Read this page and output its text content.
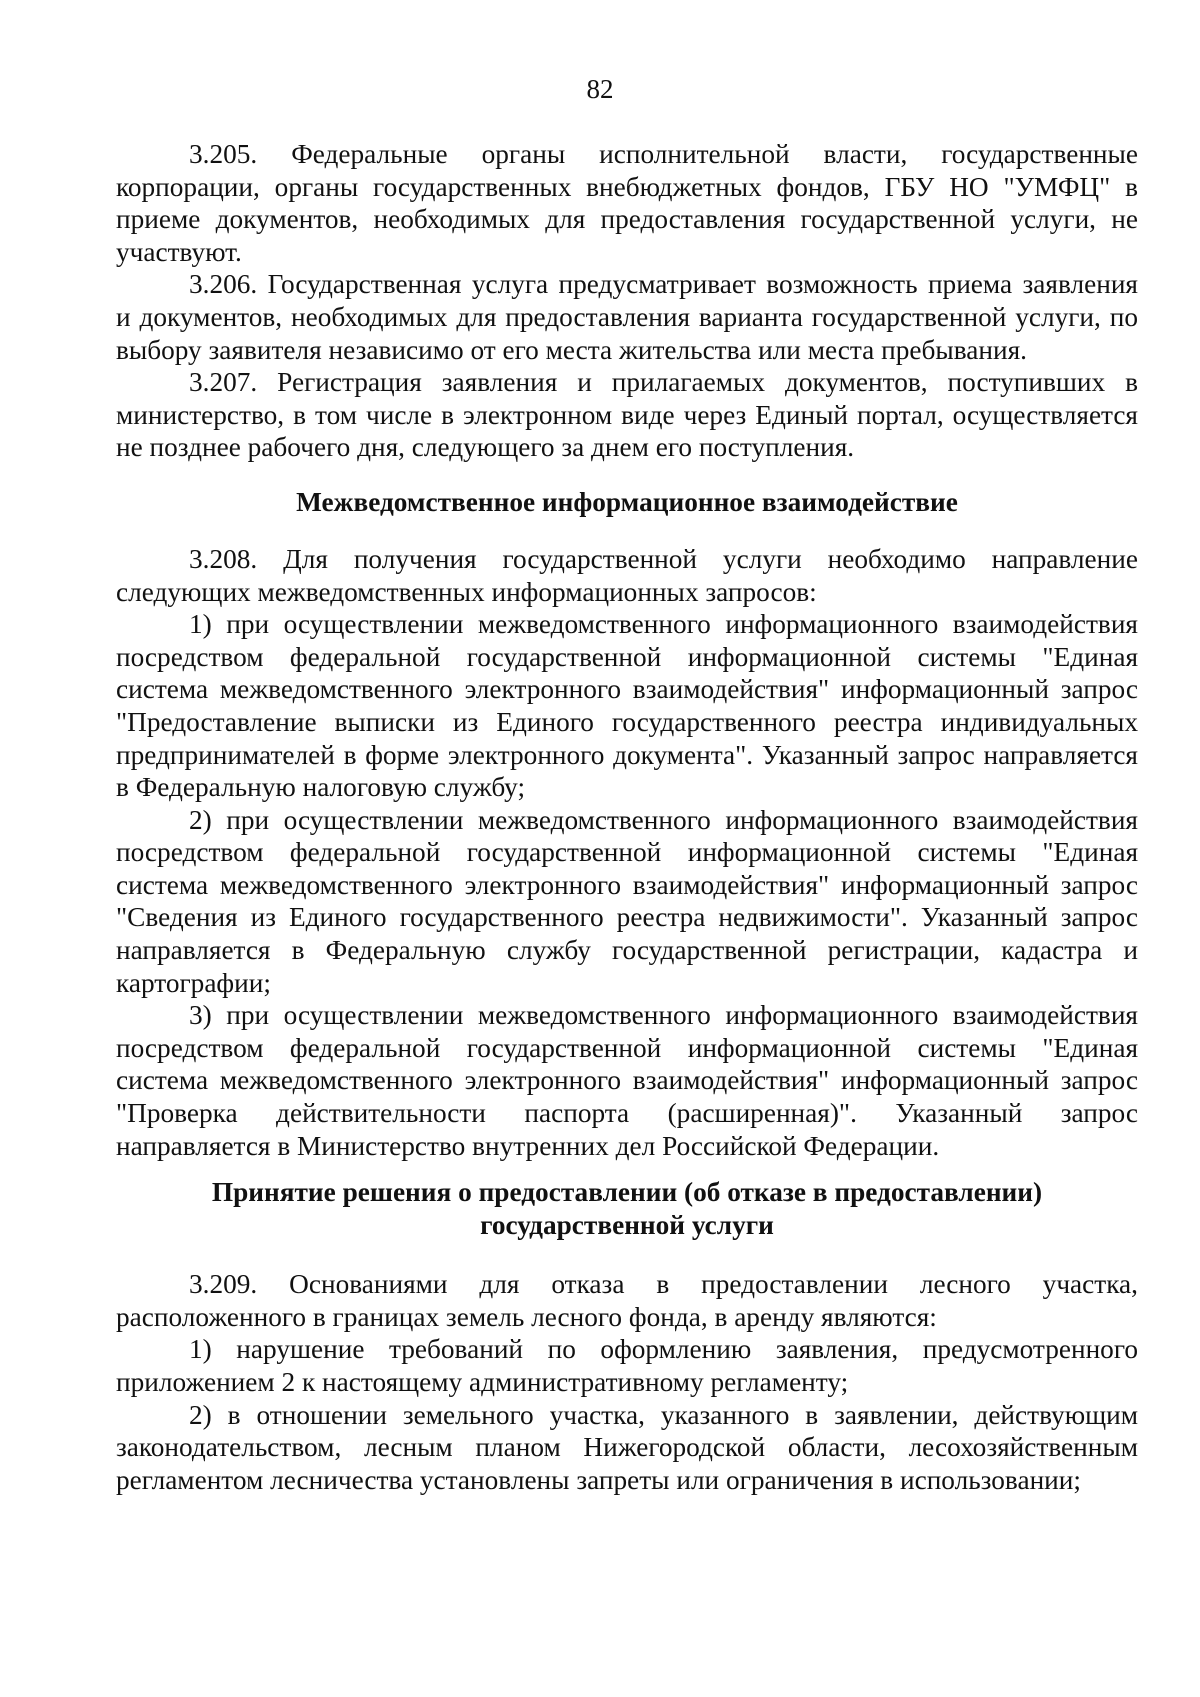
82

3.205. Федеральные органы исполнительной власти, государственные корпорации, органы государственных внебюджетных фондов, ГБУ НО "УМФЦ" в приеме документов, необходимых для предоставления государственной услуги, не участвуют.

3.206. Государственная услуга предусматривает возможность приема заявления и документов, необходимых для предоставления варианта государственной услуги, по выбору заявителя независимо от его места жительства или места пребывания.

3.207. Регистрация заявления и прилагаемых документов, поступивших в министерство, в том числе в электронном виде через Единый портал, осуществляется не позднее рабочего дня, следующего за днем его поступления.

Межведомственное информационное взаимодействие

3.208. Для получения государственной услуги необходимо направление следующих межведомственных информационных запросов:

1) при осуществлении межведомственного информационного взаимодействия посредством федеральной государственной информационной системы "Единая система межведомственного электронного взаимодействия" информационный запрос "Предоставление выписки из Единого государственного реестра индивидуальных предпринимателей в форме электронного документа". Указанный запрос направляется в Федеральную налоговую службу;

2) при осуществлении межведомственного информационного взаимодействия посредством федеральной государственной информационной системы "Единая система межведомственного электронного взаимодействия" информационный запрос "Сведения из Единого государственного реестра недвижимости". Указанный запрос направляется в Федеральную службу государственной регистрации, кадастра и картографии;

3) при осуществлении межведомственного информационного взаимодействия посредством федеральной государственной информационной системы "Единая система межведомственного электронного взаимодействия" информационный запрос "Проверка действительности паспорта (расширенная)". Указанный запрос направляется в Министерство внутренних дел Российской Федерации.

Принятие решения о предоставлении (об отказе в предоставлении)
государственной услуги

3.209. Основаниями для отказа в предоставлении лесного участка, расположенного в границах земель лесного фонда, в аренду являются:

1) нарушение требований по оформлению заявления, предусмотренного приложением 2 к настоящему административному регламенту;

2) в отношении земельного участка, указанного в заявлении, действующим законодательством, лесным планом Нижегородской области, лесохозяйственным регламентом лесничества установлены запреты или ограничения в использовании;
